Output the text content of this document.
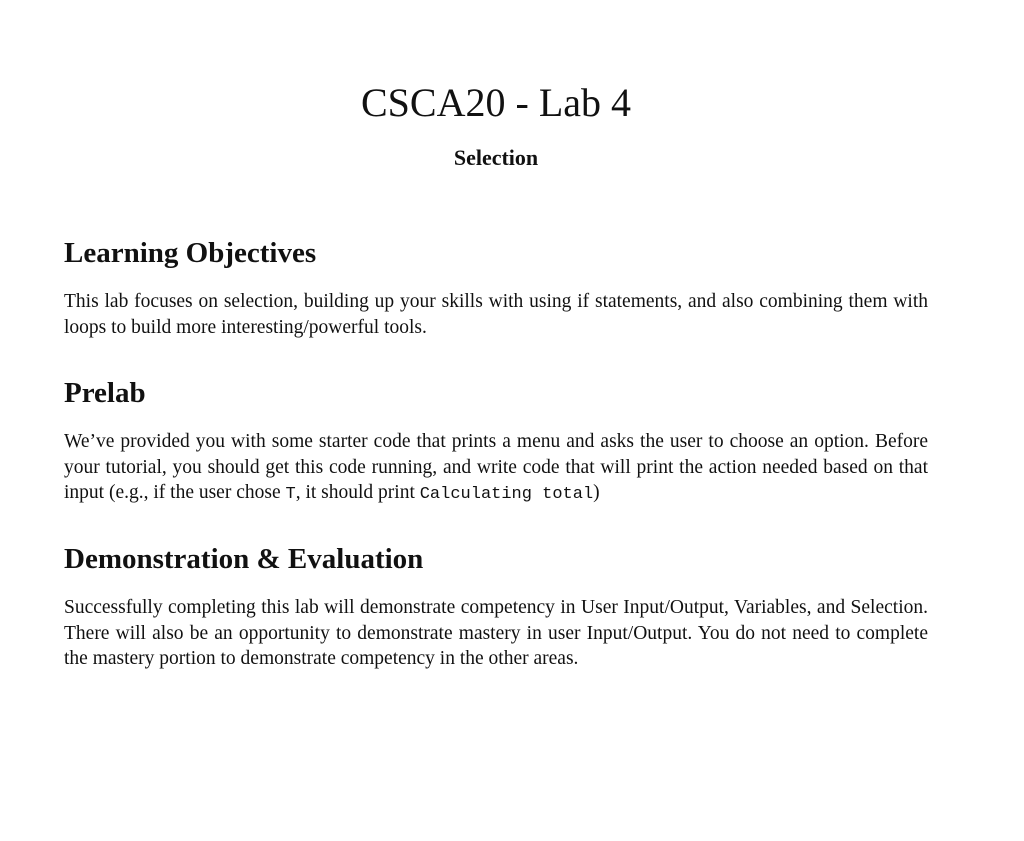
CSCA20 - Lab 4
Selection
Learning Objectives

This lab focuses on selection, building up your skills with using if statements, and also combining them with loops to build more interesting/powerful tools.

Prelab

We’ve provided you with some starter code that prints a menu and asks the user to choose an option. Before your tutorial, you should get this code running, and write code that will print the action needed based on that input (e.g., if the user chose T, it should print Calculating total)

Demonstration & Evaluation

Successfully completing this lab will demonstrate competency in User Input/Output, Variables, and Selection. There will also be an opportunity to demonstrate mastery in user Input/Output. You do not need to complete the mastery portion to demonstrate competency in the other areas.
